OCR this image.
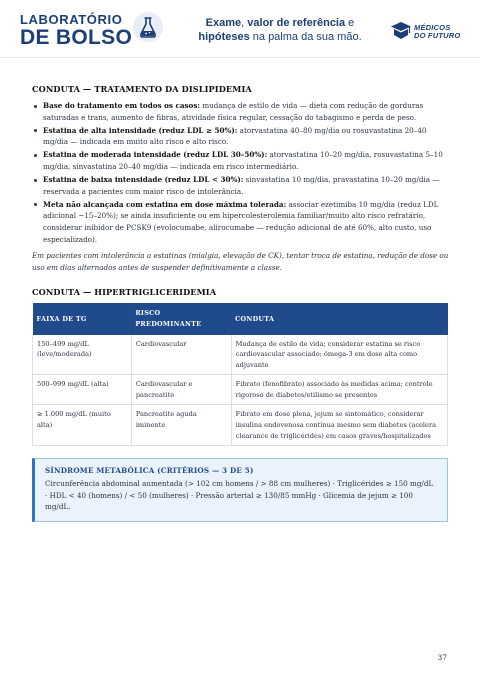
LABORATÓRIO
DE BOLSO
Exame, valor de referência e
hipóteses na palma da sua mão.
MÉDICOS
DO FUTURO
CONDUTA — TRATAMENTO DA DISLIPIDEMIA
Base do tratamento em todos os casos: mudança de estilo de vida — dieta com redução de gorduras saturadas e trans, aumento de fibras, atividade física regular, cessação do tabagismo e perda de peso.
Estatina de alta intensidade (reduz LDL ≥ 50%): atorvastatina 40–80 mg/dia ou rosuvastatina 20–40 mg/dia — indicada em muito alto risco e alto risco.
Estatina de moderada intensidade (reduz LDL 30–50%): atorvastatina 10–20 mg/dia, rosuvastatina 5–10 mg/dia, sinvastatina 20–40 mg/dia — indicada em risco intermediário.
Estatina de baixa intensidade (reduz LDL < 30%): sinvastatina 10 mg/dia, pravastatina 10–20 mg/dia — reservada a pacientes com maior risco de intolerância.
Meta não alcançada com estatina em dose máxima tolerada: associar ezetimiba 10 mg/dia (reduz LDL adicional ~15–20%); se ainda insuficiente ou em hipercolesterolemia familiar/muito alto risco refratário, considerar inibidor de PCSK9 (evolocumabe, alirocumabe — redução adicional de até 60%, alto custo, uso especializado).

Em pacientes com intolerância a estatinas (mialgia, elevação de CK), tentar troca de estatina, redução de dose ou uso em dias alternados antes de suspender definitivamente a classe.

CONDUTA — HIPERTRIGLICERIDEMIA
FAIXA DE TG	RISCO PREDOMINANTE	CONDUTA
150–499 mg/dL (leve/moderada)	Cardiovascular	Mudança de estilo de vida; considerar estatina se risco cardiovascular associado; ômega-3 em dose alta como adjuvante
500–999 mg/dL (alta)	Cardiovascular e pancreatite	Fibrato (fenofibrato) associado às medidas acima; controle rigoroso de diabetes/etilismo se presentes
≥ 1.000 mg/dL (muito alta)	Pancreatite aguda iminente	Fibrato em dose plena, jejum se sintomático, considerar insulina endovenosa contínua mesmo sem diabetes (acelera clearance de triglicérides) em casos graves/hospitalizados
SÍNDROME METABÓLICA (CRITÉRIOS — 3 DE 5)
Circunferência abdominal aumentada (> 102 cm homens / > 88 cm mulheres) · Triglicérides ≥ 150 mg/dL · HDL < 40 (homens) / < 50 (mulheres) · Pressão arterial ≥ 130/85 mmHg · Glicemia de jejum ≥ 100 mg/dL.
37
